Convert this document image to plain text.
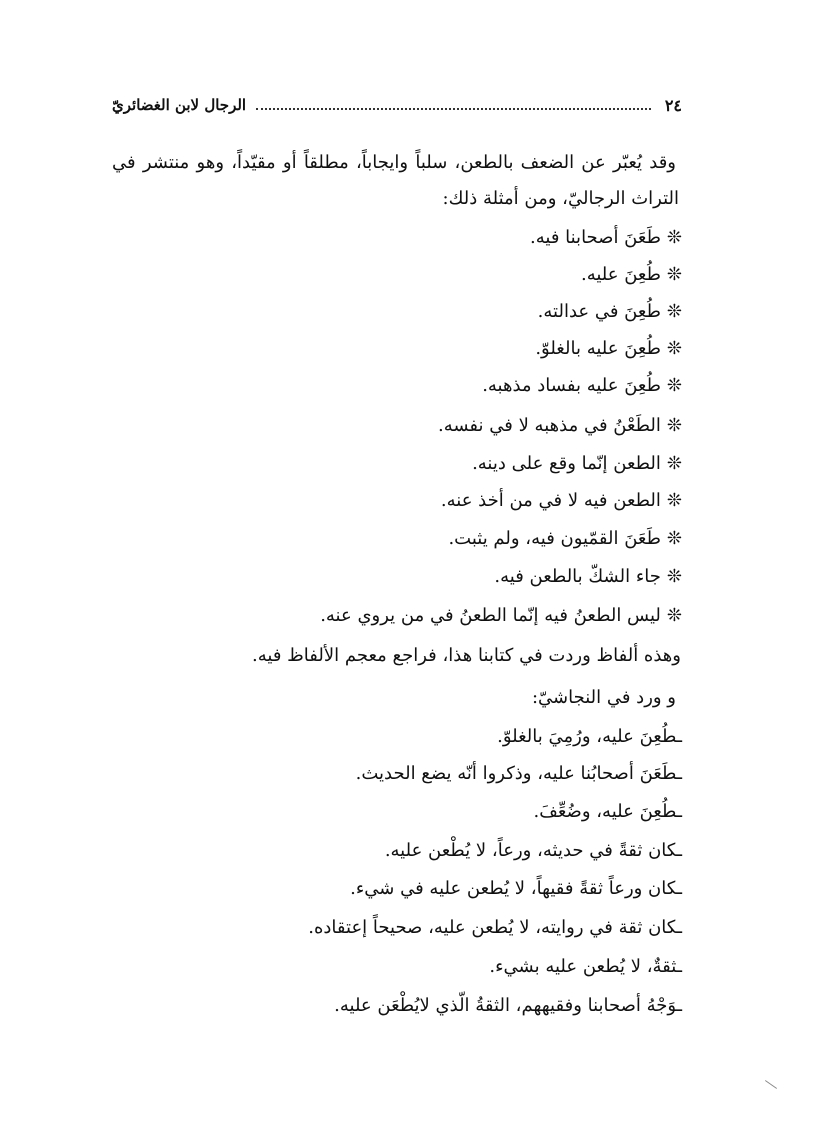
٢٤
الرجال لابن الغضائريّ
وقد يُعبّر عن الضعف بالطعن، سلباً وايجاباً، مطلقاً أو مقيّداً، وهو منتشر في
التراث الرجاليّ، ومن أمثلة ذلك:
❊طَعَنَ أصحابنا فيه.
❊طُعِنَ عليه.
❊طُعِنَ في عدالته.
❊طُعِنَ عليه بالغلوّ.
❊طُعِنَ عليه بفساد مذهبه.
❊الطَعْنُ في مذهبه لا في نفسه.
❊الطعن إنّما وقع على دينه.
❊الطعن فيه لا في من أخذ عنه.
❊طَعَنَ القمّيون فيه، ولم يثبت.
❊جاء الشكّ بالطعن فيه.
❊ليس الطعنُ فيه إنّما الطعنُ في من يروي عنه.
وهذه ألفاظ وردت في كتابنا هذا، فراجع معجم الألفاظ فيه.
و ورد في النجاشيّ:
ـطُعِنَ عليه، ورُمِيَ بالغلوّ.
ـطَعَنَ أصحابُنا عليه، وذكروا أنّه يضع الحديث.
ـطُعِنَ عليه، وضُعِّفَ.
ـكان ثقةً في حديثه، ورعاً، لا يُطْعن عليه.
ـكان ورعاً ثقةً فقيهاً، لا يُطعن عليه في شيء.
ـكان ثقة في روايته، لا يُطعن عليه، صحيحاً إعتقاده.
ـثقةٌ، لا يُطعن عليه بشيء.
ـوَجْهُ أصحابنا وفقيههم، الثقةُ الّذي لايُطْعَن عليه.
